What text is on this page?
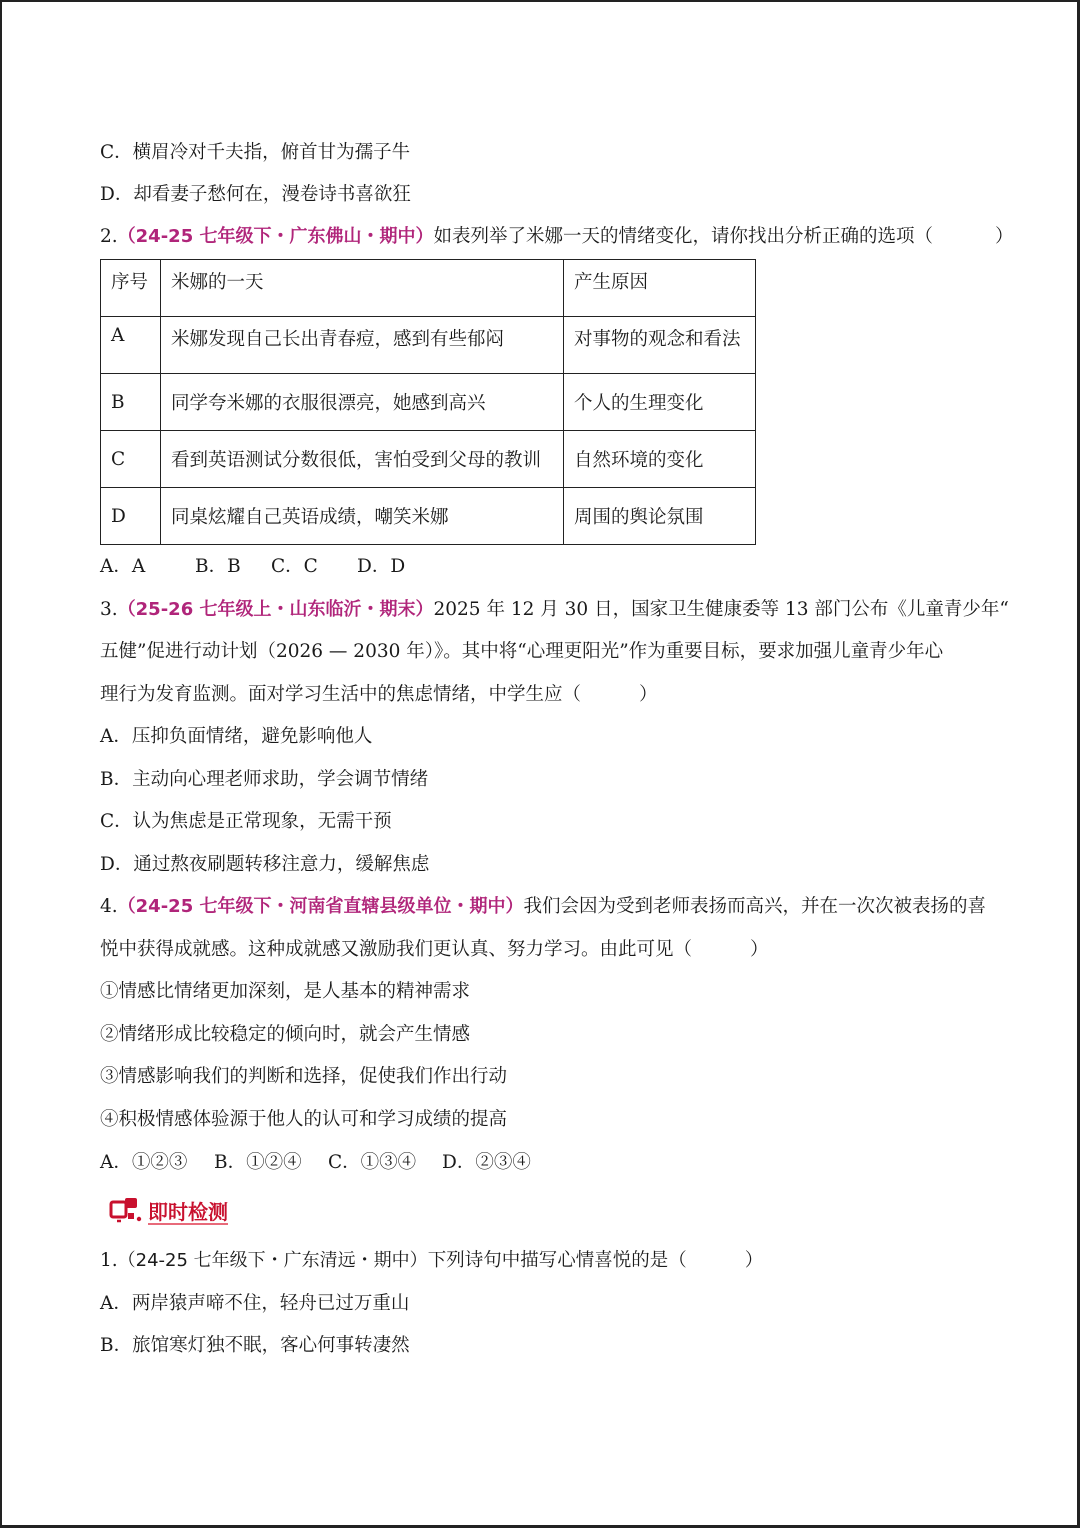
C．横眉冷对千夫指，俯首甘为孺子牛
D．却看妻子愁何在，漫卷诗书喜欲狂
2.（24-25 七年级下・广东佛山・期中）如表列举了米娜一天的情绪变化，请你找出分析正确的选项（	）
序号	米娜的一天	产生原因
A	米娜发现自己长出青春痘，感到有些郁闷	对事物的观念和看法
B	同学夸米娜的衣服很漂亮，她感到高兴	个人的生理变化
C	看到英语测试分数很低，害怕受到父母的教训	自然环境的变化
D	同桌炫耀自己英语成绩，嘲笑米娜	周围的舆论氛围
A．A	B．B C．C D．D
3.（25-26 七年级上・山东临沂・期末）2025 年 12 月 30 日，国家卫生健康委等 13 部门公布《儿童青少年“
五健”促进行动计划（2026 — 2030 年）》。其中将“心理更阳光”作为重要目标，要求加强儿童青少年心
理行为发育监测。面对学习生活中的焦虑情绪，中学生应（	）
A．压抑负面情绪，避免影响他人
B．主动向心理老师求助，学会调节情绪
C．认为焦虑是正常现象，无需干预
D．通过熬夜刷题转移注意力，缓解焦虑
4.（24-25 七年级下・河南省直辖县级单位・期中）我们会因为受到老师表扬而高兴，并在一次次被表扬的喜
悦中获得成就感。这种成就感又激励我们更认真、努力学习。由此可见（	）
①情感比情绪更加深刻，是人基本的精神需求
②情绪形成比较稳定的倾向时，就会产生情感
③情感影响我们的判断和选择，促使我们作出行动
④积极情感体验源于他人的认可和学习成绩的提高
A．①②③ B．①②④ C．①③④ D．②③④
即时检测
1.（24-25 七年级下・广东清远・期中）下列诗句中描写心情喜悦的是（	）
A．两岸猿声啼不住，轻舟已过万重山
B．旅馆寒灯独不眠，客心何事转凄然
